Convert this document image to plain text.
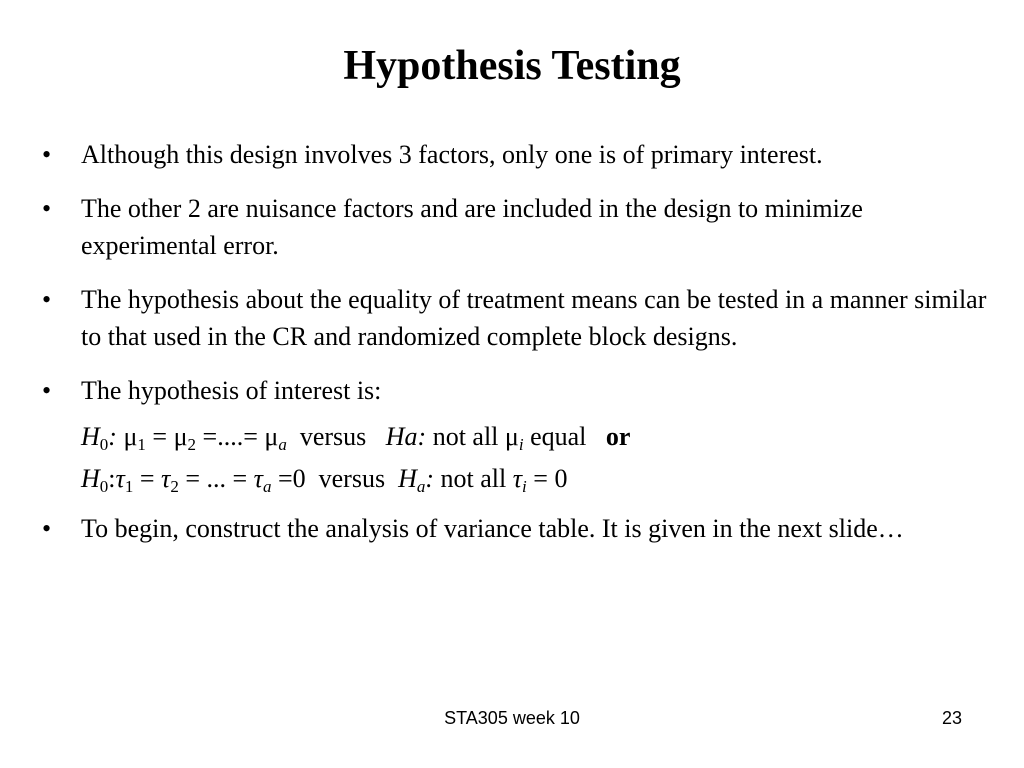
Hypothesis Testing
• Although this design involves 3 factors, only one is of primary interest.
• The other 2 are nuisance factors and are included in the design to minimize experimental error.
• The hypothesis about the equality of treatment means can be tested in a manner similar to that used in the CR and randomized complete block designs.
• The hypothesis of interest is:
$H_0$: $\mu_1 = \mu_2$ =....= $\mu_a$ versus Ha: not all $\mu_i$ equal or
$H_0:\tau_1 = \tau_2$ = ... = $\tau_a =0$ versus $H_a$: not all $\tau_i = 0$
• To begin, construct the analysis of variance table. It is given in the next slide…
STA305 week 10	23
